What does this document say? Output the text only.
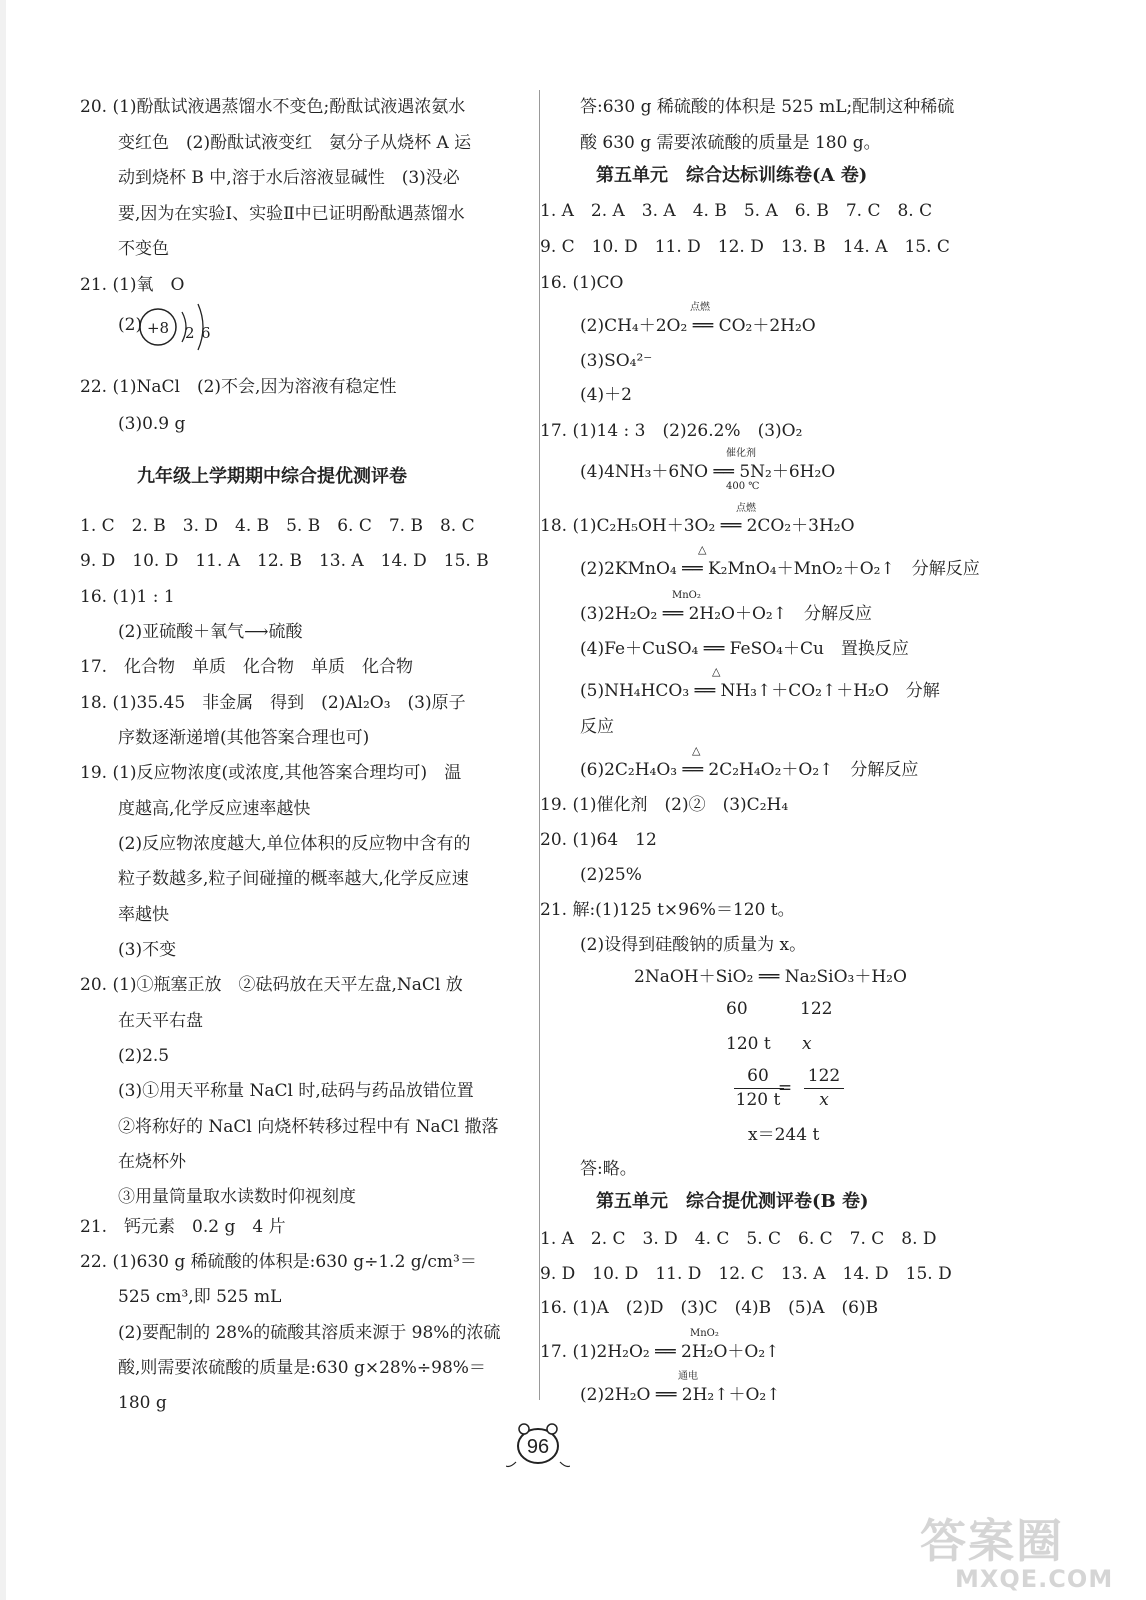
20. (1)酚酞试液遇蒸馏水不变色;酚酞试液遇浓氨水
变红色　(2)酚酞试液变红　氨分子从烧杯 A 运
动到烧杯 B 中,溶于水后溶液显碱性　(3)没必
要,因为在实验Ⅰ、实验Ⅱ中已证明酚酞遇蒸馏水
不变色
21. (1)氧　O
(2) +8 2 6
22. (1)NaCl　(2)不会,因为溶液有稳定性
(3)0.9 g
九年级上学期期中综合提优测评卷
1. C　2. B　3. D　4. B　5. B　6. C　7. B　8. C
9. D　10. D　11. A　12. B　13. A　14. D　15. B
16. (1)1 : 1
(2)亚硫酸＋氧气⟶硫酸
17.　化合物　单质　化合物　单质　化合物
18. (1)35.45　非金属　得到　(2)Al₂O₃　(3)原子
序数逐渐递增(其他答案合理也可)
19. (1)反应物浓度(或浓度,其他答案合理均可)　温
度越高,化学反应速率越快
(2)反应物浓度越大,单位体积的反应物中含有的
粒子数越多,粒子间碰撞的概率越大,化学反应速
率越快
(3)不变
20. (1)①瓶塞正放　②砝码放在天平左盘,NaCl 放
在天平右盘
(2)2.5
(3)①用天平称量 NaCl 时,砝码与药品放错位置
②将称好的 NaCl 向烧杯转移过程中有 NaCl 撒落
在烧杯外
③用量筒量取水读数时仰视刻度
21.　钙元素　0.2 g　4 片
22. (1)630 g 稀硫酸的体积是:630 g÷1.2 g/cm³＝
525 cm³,即 525 mL
(2)要配制的 28%的硫酸其溶质来源于 98%的浓硫
酸,则需要浓硫酸的质量是:630 g×28%÷98%＝
180 g
答:630 g 稀硫酸的体积是 525 mL;配制这种稀硫
酸 630 g 需要浓硫酸的质量是 180 g。
第五单元　综合达标训练卷(A 卷)
1. A　2. A　3. A　4. B　5. A　6. B　7. C　8. C
9. C　10. D　11. D　12. D　13. B　14. A　15. C
16. (1)CO
(2)CH₄＋2O₂ ══ CO₂＋2H₂O
点燃
(3)SO₄²⁻
(4)＋2
17. (1)14 : 3　(2)26.2%　(3)O₂
(4)4NH₃＋6NO ══ 5N₂＋6H₂O
催化剂
400 ℃
18. (1)C₂H₅OH＋3O₂ ══ 2CO₂＋3H₂O
点燃
(2)2KMnO₄ ══ K₂MnO₄＋MnO₂＋O₂↑　分解反应
△
(3)2H₂O₂ ══ 2H₂O＋O₂↑　分解反应
MnO₂
(4)Fe＋CuSO₄ ══ FeSO₄＋Cu　置换反应
(5)NH₄HCO₃ ══ NH₃↑＋CO₂↑＋H₂O　分解
△
反应
(6)2C₂H₄O₃ ══ 2C₂H₄O₂＋O₂↑　分解反应
△
19. (1)催化剂　(2)②　(3)C₂H₄
20. (1)64　12
(2)25%
21. 解:(1)125 t×96%＝120 t。
(2)设得到硅酸钠的质量为 x。
2NaOH＋SiO₂ ══ Na₂SiO₃＋H₂O
60	122
120 t x
60
120 t
=
122
x
x＝244 t
答:略。
第五单元　综合提优测评卷(B 卷)
1. A　2. C　3. D　4. C　5. C　6. C　7. C　8. D
9. D　10. D　11. D　12. C　13. A　14. D　15. D
16. (1)A　(2)D　(3)C　(4)B　(5)A　(6)B
17. (1)2H₂O₂ ══ 2H₂O＋O₂↑
MnO₂
(2)2H₂O ══ 2H₂↑＋O₂↑
通电
96
答案圈
MXQE.COM
